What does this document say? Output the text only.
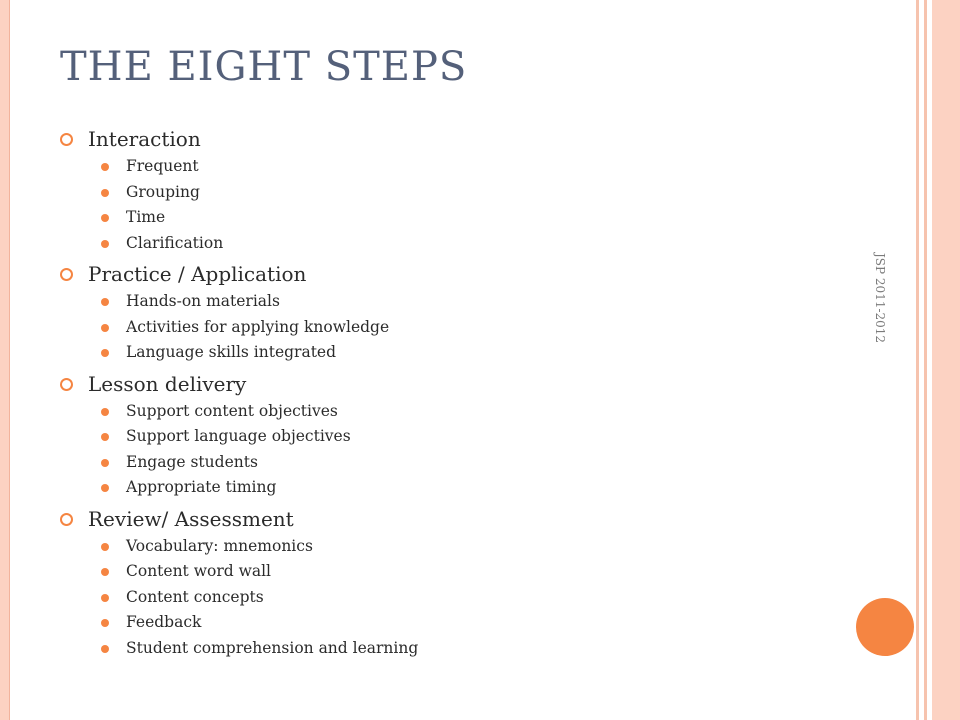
THE EIGHT STEPS
JSP 2011-2012
Interaction
Frequent
Grouping
Time
Clarification
Practice / Application
Hands-on materials
Activities for applying knowledge
Language skills integrated
Lesson delivery
Support content objectives
Support language objectives
Engage students
Appropriate timing
Review/ Assessment
Vocabulary: mnemonics
Content word wall
Content concepts
Feedback
Student comprehension and learning
